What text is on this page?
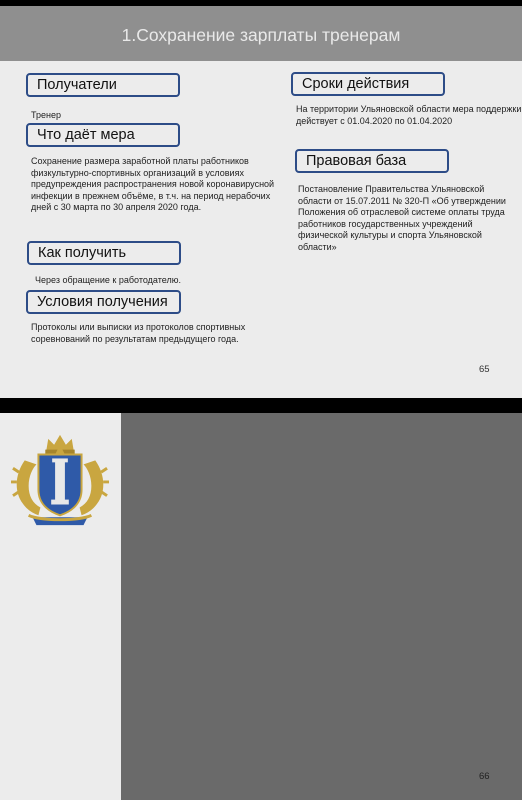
1.Сохранение зарплаты тренерам
Получатели
Тренер
Что даёт мера
Сохранение размера заработной платы работников физкультурно-спортивных организаций в условиях предупреждения распространения новой коронавирусной инфекции в прежнем объёме, в т.ч. на период нерабочих дней с 30 марта по 30 апреля 2020 года.
Как получить
Через обращение к работодателю.
Условия получения
Протоколы или выписки из протоколов спортивных соревнований по результатам предыдущего года.
Сроки действия
На территории Ульяновской области мера поддержки действует с 01.04.2020 по 01.04.2020
Правовая база
Постановление Правительства Ульяновской области от 15.07.2011 № 320-П «Об утверждении Положения об отраслевой системе оплаты труда работников государственных учреждений физической культуры и спорта Ульяновской области»
65
66
